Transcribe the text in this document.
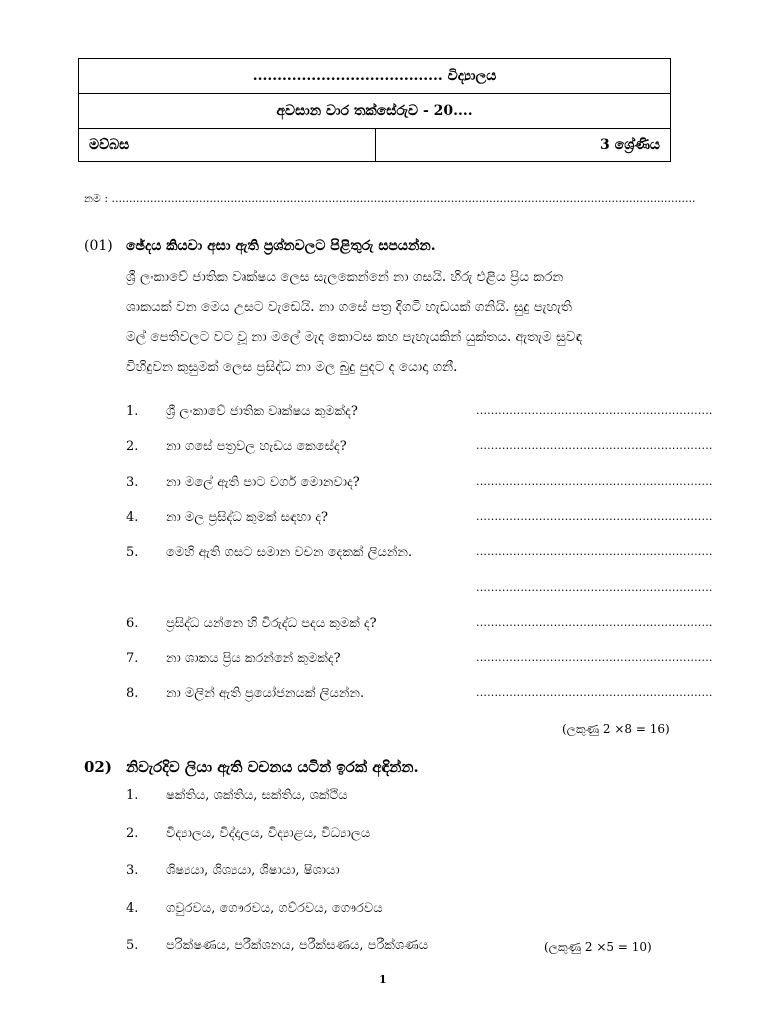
....................................... විද්‍යාලය
අවසාන වාර තක්සේරුව - 20....
මව්බස	3 ශ්‍රේණිය
නම : .......................................................................................................................................................................
(01) ඡේදය කියවා අසා ඇති ප්‍රශ්නවලට පිළිතුරු සපයන්න.

ශ්‍රී ලංකාවේ ජාතික වෘක්ෂය ලෙස සැලකෙන්නේ නා ගසයි. හිරු එළිය ප්‍රිය කරන

ශාකයක් වන මෙය උසට වැඩෙයි. නා ගසේ පත්‍ර දිගටි හැඩයක් ගනියි. සුදු පැහැති

මල් පෙතිවලට වට වූ නා මලේ මැද කොටස කහ පැහැයකින් යුක්තය. ඇතැම සුවඳ

විහිදුවන කුසුමක් ලෙස ප්‍රසිද්ධ නා මල බුදු පුදට ද යොදා ගනී.

1.	ශ්‍රී ලංකාවේ ජාතික වෘක්ෂය කුමක්ද?	................................................................
2.	නා ගසේ පත්‍රවල හැඩය කෙසේද?	................................................................
3.	නා මලේ ඇති පාට වර්ග මොනවාද?	................................................................
4.	නා මල ප්‍රසිද්ධ කුමක් සඳහා ද?	................................................................
5.	මෙහි ඇති ගසට සමාන වචන දෙකක් ලියන්න.	................................................................
................................................................
6.	ප්‍රසිද්ධ යන්නෙ හි විරුද්ධ පදය කුමක් ද?	................................................................
7.	නා ශාකය ප්‍රිය කරන්නේ කුමක්ද?	................................................................
8.	නා මලින් ඇති ප්‍රයෝජනයක් ලියන්න.	................................................................
(ලකුණු 2 ×8 = 16)
02) නිවැරදිව ලියා ඇති වචනය යටින් ඉරක් අඳින්න.
1. ෂක්තිය, ශක්තිය, සක්තිය, ශක්ථිය
2. විද්‍යාලය, විද්දාලය, විද්‍යාළය, විධ්‍යාලය
3. ශිෂ්‍යයා, ශිශ්‍යයා, ශිෂායා, ෂිශායා
4. ගවුරවය, ගෞරවය, ගව්රවය, ගෞරවය
5. පරික්ෂණය, පරීක්ශනය, පරීක්සණය, පරීක්ශණය	(ලකුණු 2 ×5 = 10)
1
